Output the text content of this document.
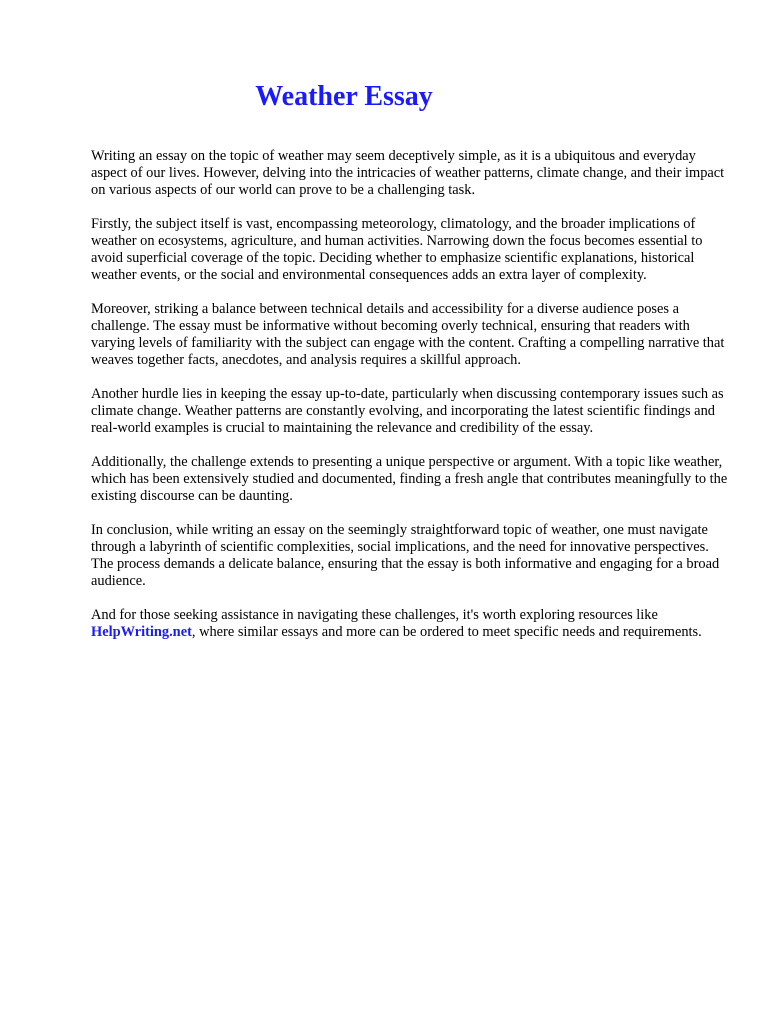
Weather Essay

Writing an essay on the topic of weather may seem deceptively simple, as it is a ubiquitous and everyday aspect of our lives. However, delving into the intricacies of weather patterns, climate change, and their impact on various aspects of our world can prove to be a challenging task.

Firstly, the subject itself is vast, encompassing meteorology, climatology, and the broader implications of weather on ecosystems, agriculture, and human activities. Narrowing down the focus becomes essential to avoid superficial coverage of the topic. Deciding whether to emphasize scientific explanations, historical weather events, or the social and environmental consequences adds an extra layer of complexity.

Moreover, striking a balance between technical details and accessibility for a diverse audience poses a challenge. The essay must be informative without becoming overly technical, ensuring that readers with varying levels of familiarity with the subject can engage with the content. Crafting a compelling narrative that weaves together facts, anecdotes, and analysis requires a skillful approach.

Another hurdle lies in keeping the essay up-to-date, particularly when discussing contemporary issues such as climate change. Weather patterns are constantly evolving, and incorporating the latest scientific findings and real-world examples is crucial to maintaining the relevance and credibility of the essay.

Additionally, the challenge extends to presenting a unique perspective or argument. With a topic like weather, which has been extensively studied and documented, finding a fresh angle that contributes meaningfully to the existing discourse can be daunting.

In conclusion, while writing an essay on the seemingly straightforward topic of weather, one must navigate through a labyrinth of scientific complexities, social implications, and the need for innovative perspectives. The process demands a delicate balance, ensuring that the essay is both informative and engaging for a broad audience.

And for those seeking assistance in navigating these challenges, it's worth exploring resources like HelpWriting.net, where similar essays and more can be ordered to meet specific needs and requirements.
